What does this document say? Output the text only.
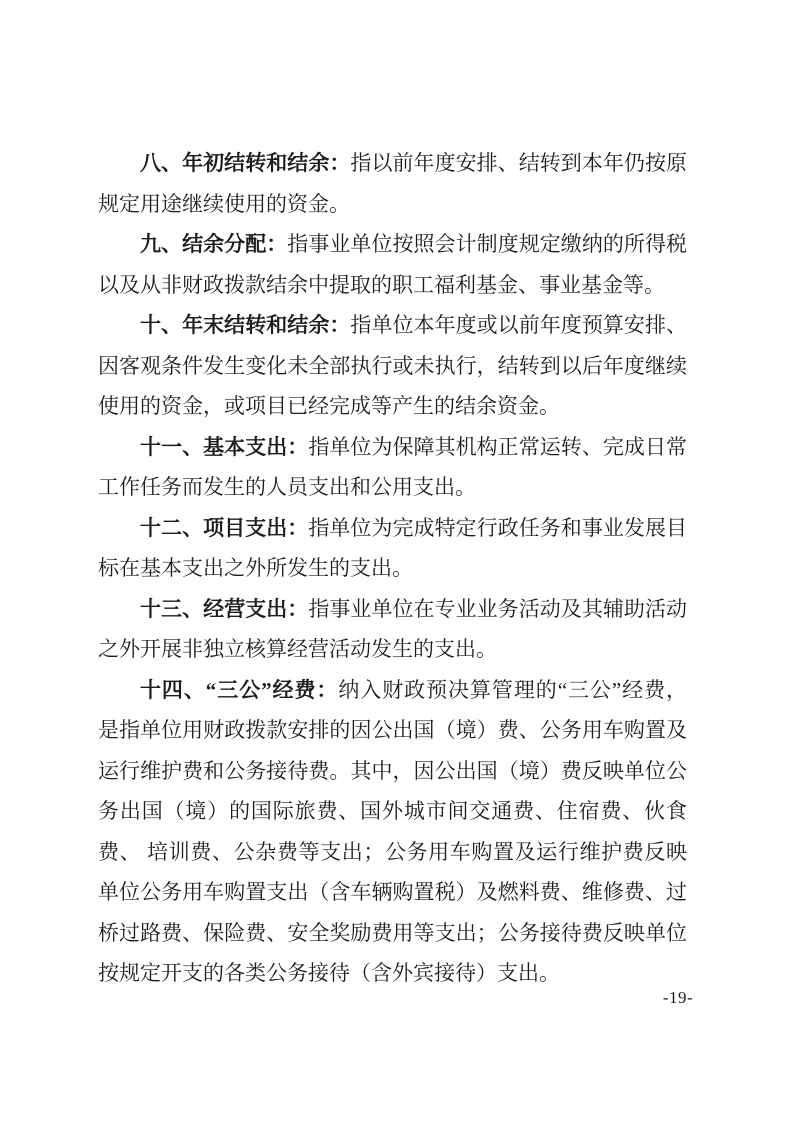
八、年初结转和结余：指以前年度安排、结转到本年仍按原规定用途继续使用的资金。

九、结余分配：指事业单位按照会计制度规定缴纳的所得税 以及从非财政拨款结余中提取的职工福利基金、事业基金等。

十、年末结转和结余：指单位本年度或以前年度预算安排、 因客观条件发生变化未全部执行或未执行，结转到以后年度继续 使用的资金，或项目已经完成等产生的结余资金。

十一、基本支出：指单位为保障其机构正常运转、完成日常工作任务而发生的人员支出和公用支出。

十二、项目支出：指单位为完成特定行政任务和事业发展目标在基本支出之外所发生的支出。

十三、经营支出：指事业单位在专业业务活动及其辅助活动之外开展非独立核算经营活动发生的支出。

十四、“三公”经费：纳入财政预决算管理的“三公”经费， 是指单位用财政拨款安排的因公出国（境）费、公务用车购置及运行维护费和公务接待费。其中，因公出国（境）费反映单位公务出国（境）的国际旅费、国外城市间交通费、住宿费、伙食费、 培训费、公杂费等支出；公务用车购置及运行维护费反映单位公务用车购置支出（含车辆购置税）及燃料费、维修费、过桥过路费、保险费、安全奖励费用等支出；公务接待费反映单位按规定开支的各类公务接待（含外宾接待）支出。

-19-
